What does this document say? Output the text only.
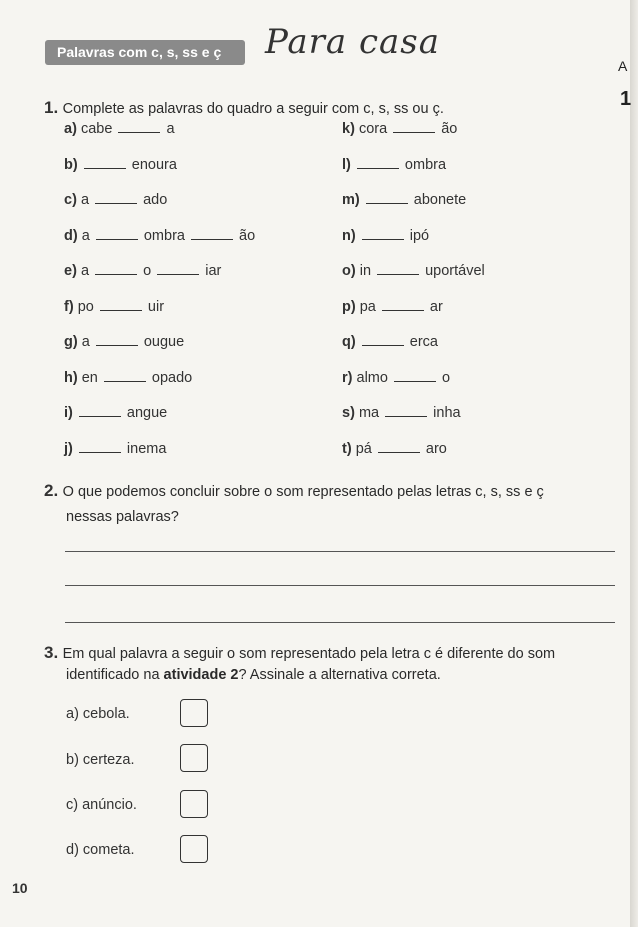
Palavras com c, s, ss e ç	Para casa
A
1
1. Complete as palavras do quadro a seguir com c, s, ss ou ç.
a) cabe	a
b)	enoura
c) a	ado
d) a	ombra	ão
e) a	o	iar
f) po	uir
g) a	ougue
h) en	opado
i)	angue
j)	inema
k) cora	ão
l)	ombra
m)	abonete
n)	ipó
o) in	uportável
p) pa	ar
q)	erca
r) almo	o
s) ma	inha
t) pá	aro
2. O que podemos concluir sobre o som representado pelas letras c, s, ss e ç
nessas palavras?
3. Em qual palavra a seguir o som representado pela letra c é diferente do som
identificado na atividade 2? Assinale a alternativa correta.
a) cebola.
b) certeza.
c) anúncio.
d) cometa.
10
